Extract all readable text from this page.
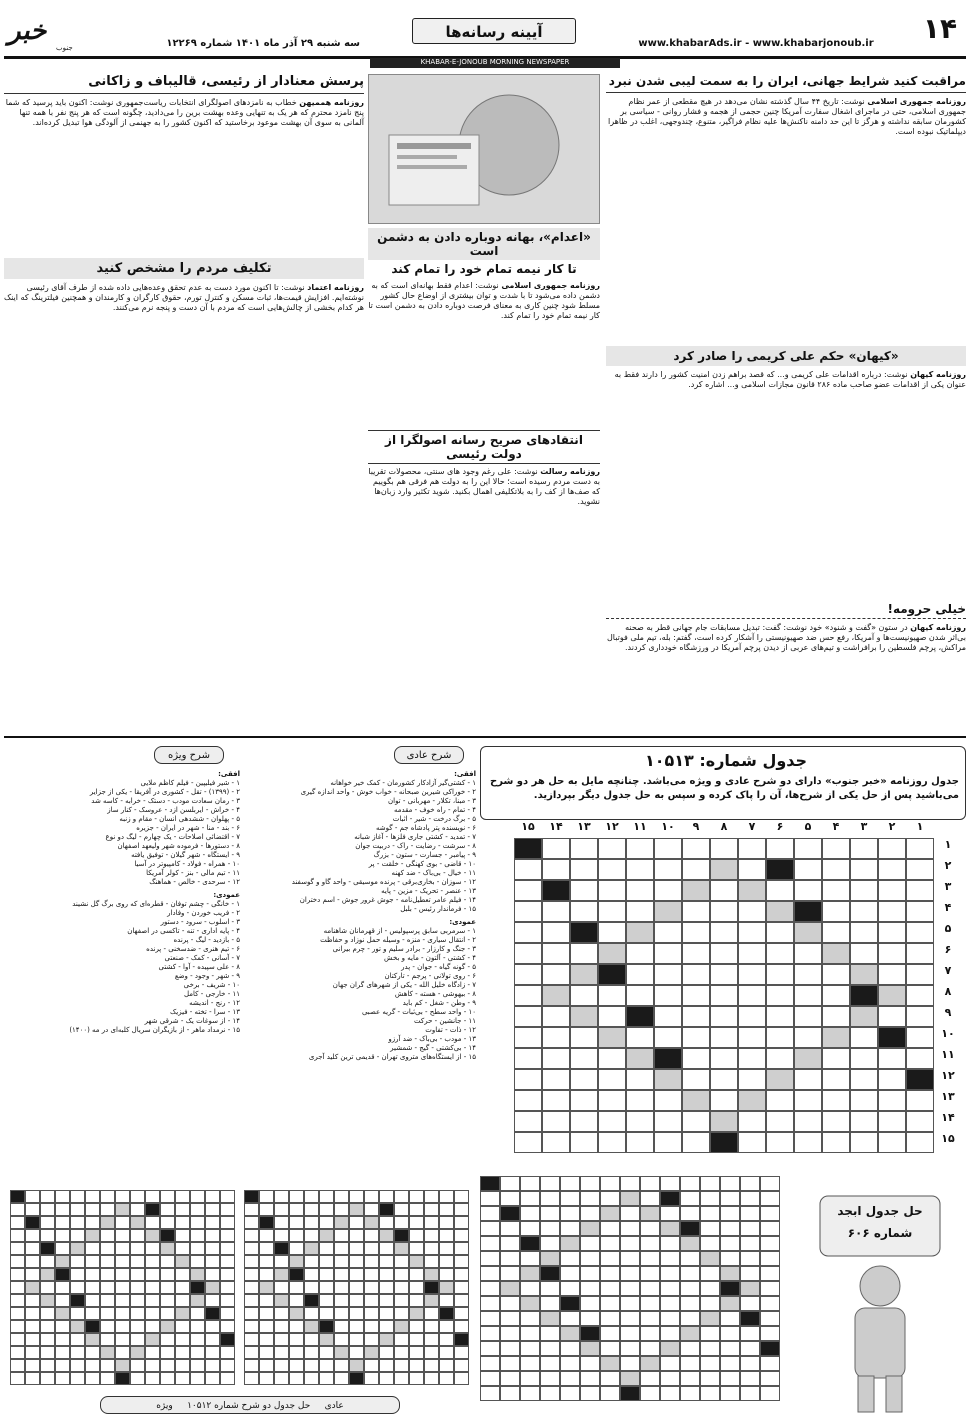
۱۴
آیینه رسانه‌ها
www.khabarAds.ir - www.khabarjonoub.ir
سه شنبه ۲۹ آذر ماه ۱۴۰۱ شماره ۱۲۲۶۹
خبر
جنوب
KHABAR-E-JONOUB MORNING NEWSPAPER
مراقبت کنید شرایط جهانی، ایران را به سمت لیبی شدن نبرد
روزنامه جمهوری اسلامی نوشت: تاریخ ۴۴ سال گذشته نشان می‌دهد در هیچ مقطعی از عمر نظام جمهوری اسلامی، حتی در ماجرای اشغال سفارت آمریکا چنین حجمی از هجمه و فشار روانی - سیاسی بر کشورمان سابقه نداشته و هرگز تا این حد دامنه ناکنش‌ها علیه نظام فراگیر، متنوع، چندوجهی، اغلب در ظاهرا دیپلماتیک نبوده است.
«اعدام»، بهانه دوباره دادن به دشمن است
تا کار نیمه تمام خود را تمام کند
روزنامه جمهوری اسلامی نوشت: اعدام فقط بهانه‌ای است که به دشمن داده می‌شود تا با شدت و توان بیشتری از اوضاع حال کشور مسلط شود چنین کاری به معنای فرصت دوباره دادن به دشمن است تا کار نیمه تمام خود را تمام کند.
پرسش معنادار از رئیسی، قالیباف و زاکانی
روزنامه هممیهن خطاب به نامزدهای اصولگرای انتخابات ریاست‌جمهوری نوشت: اکنون باید پرسید که شما پنج نامزد محترم که هر یک به تنهایی وعده بهشت برین را می‌دادید، چگونه است که هر پنج نفر با همه تنها آلمانی به سوی آن بهشت موعود برخاستید که اکنون کشور را به جهنمی از آلودگی هوا تبدیل کرده‌اند.
تکلیف مردم را مشخص کنید
روزنامه اعتماد نوشت: تا اکنون مورد دست به عدم تحقق وعده‌هایی داده شده از طرف آقای رئیسی نوشته‌ایم. افزایش قیمت‌ها، ثبات مسکن و کنترل تورم، حقوق کارگران و کارمندان و همچنین فیلترینگ که اینک هر کدام بخشی از چالش‌هایی است که مردم با آن دست و پنجه نرم می‌کنند.
انتقادهای صریح رسانه اصولگرا از دولت رئیسی
روزنامه رسالت نوشت: علی رغم وجود های سنتی، محصولات تقریبا به دست مردم رسیده است؛ حالا این را به دولت هم فرقی هم بگوییم که صف‌ها از کف را به بلاتکلیفی اهمال بکنید. شوید تکثیر وارد زبان‌ها نشوید.
«کیهان» حکم علی کریمی را صادر کرد
روزنامه کیهان نوشت: درباره اقدامات علی کریمی و... که قصد براهم زدن امنیت کشور را دارند فقط به عنوان یکی از اقدامات عضو صاحب ماده ۲۸۶ قانون مجازات اسلامی و... اشاره کرد.
خیلی حرومه!
روزنامه کیهان در ستون «گفت و شنود» خود نوشت: گفت: تبدیل مسابقات جام جهانی قطر به صحنه بی‌اثر شدن صهیونیست‌ها و آمریکا، رفع حس ضد صهیونیستی را آشکار کرده است، گفتم: بله، تیم ملی فوتبال مراکش، پرچم فلسطین را برافراشت و تیم‌های عربی از دیدن پرچم آمریکا در ورزشگاه خودداری کردند.
جدول شماره: ۱۰۵۱۳
جدول روزنامه «خبر جنوب» دارای دو شرح عادی و ویژه می‌باشد. چنانچه مایل به حل هر دو شرح می‌باشید پس از حل یکی از شرح‌ها، آن را پاک کرده و سپس به حل جدول دیگر بپردازید.
۱
۲
۳
۴
۵
۶
۷
۸
۹
۱۰
۱۱
۱۲
۱۳
۱۴
۱۵
۱
۲
۳
۴
۵
۶
۷
۸
۹
۱۰
۱۱
۱۲
۱۳
۱۴
۱۵
شرح عادی
افقی:
۱ - کشتی‌گیر آزادکار کشورمان - کمک خیر خواهانه
۲ - خوراکی شیرین صبحانه - خواب خوش - واحد اندازه گیری
۳ - مبنا، تکلار - مهربانی - توان
۴ - تمام - راه خوف - مقدمه
۵ - برگ درخت - شیر - اثبات
۶ - نویسنده پتر پادشاه جم - گوشه
۷ - تمدید - کشتی جاری فلزها - آغاز شبانه
۸ - سرشت - رضایت - راک - دربیت جوان
۹ - پیامبر - جسارت - ستون - بزرگ
۱۰ - قاضی - بوی کهنگی - خلقت - پر
۱۱ - خیال - بی‌باک - ضد کهنه
۱۲ - سوزان - بخاری‌برقی - پرنده موسیقی - واحد گاو و گوسفند
۱۳ - عنصر - تحریک - مزین - پایه
۱۴ - فیلم عامر تعطیل‌نامه - جوش غرور جوش - اسم دختران
۱۵ - فرماندار رئیس - بلبل
عمودی:
۱ - سرمربی سابق پرسپولیس - از قهرمانان شاهنامه
۲ - انتقال سیاری - منزه - وسیله حمل نوزاد و حفاظت
۳ - جنگ و کارزار - برادر سلیم و تور - چرم بیرانی
۴ - کشتی - آلتون - مایه و بخش
۵ - گونه گیاه - جوان - پدر
۶ - روی تولانی - پرجم - تارکتان
۷ - زادگاه خلیل الله - یکی از شهرهای گران جهان
۸ - بیهوشی - هسته - کاهش
۹ - وطن - شغل - کم باید
۱۰ - واحد سطح - بی‌ثبات - گریه عصبی
۱۱ - جانشین - حرکت
۱۲ - ذات - تفاوت
۱۳ - مودب - بی‌باک - ضد آرزو
۱۴ - بی‌کشتی - گیج - شمشیر
۱۵ - از ایستگاه‌های متروی تهران - قدیمی ترین کلید آجری
شرح ویژه
افقی:
۱ - شیر فیلیپین - فیلم کاظم ملایی
۲ - (۱۳۹۹) - تقل - کشوری در آفریقا - یکی از جزایر
۳ - رمان سعادت مودب - دستک - خرابه - کاسه شد
۴ - خراش - ایربلسن ازد - عروسک - کنار ساز
۵ - پهلوان - ششدهی انسان - مقام و زنبه
۶ - بند - منا - شهر در ایران - جزیره
۷ - اقتضائی اصلاحات - یک چهارم - لیگ دو نوع
۸ - دستورها - فرموده شهر ولیعهد اصفهان
۹ - ایستگاه - شهر گیلان - توفیق یافته
۱۰ - همراه - فولاد - کامپیوتر در آسیا
۱۱ - تیم مالی - بنز - کولر آمریکا
۱۲ - سرحدی - خالص - هماهنگ
عمودی:
۱ - خانگی - چشم توفان - قطره‌ای که روی برگ گل نشیند
۲ - فریب خوردن - وفادار
۳ - اسلوب - سرود - دستور
۴ - پایه اداری - تنه - تاکسی در اصفهان
۵ - بازدید - لیگ - پرنده
۶ - تیم هنری - ضدسخنی - پرنده
۷ - آسانی - کمک - صنعتی
۸ - علی سپیده - آوا - کشتی
۹ - شهر - وجود - وضع
۱۰ - شریف - برخی
۱۱ - خارجی - کامل
۱۲ - رنج - اندیشه
۱۳ - سرا - تخته - فیزیک
۱۴ - از سوغات یک - شرقی شهر
۱۵ - نرمداد ماهر - از بازیگران سریال کلبه‌ای در مه (۱۴۰۰)
حل جدول ابجد
شماره ۶۰۶
عادی     حل جدول دو شرح شماره ۱۰۵۱۲     ویژه
